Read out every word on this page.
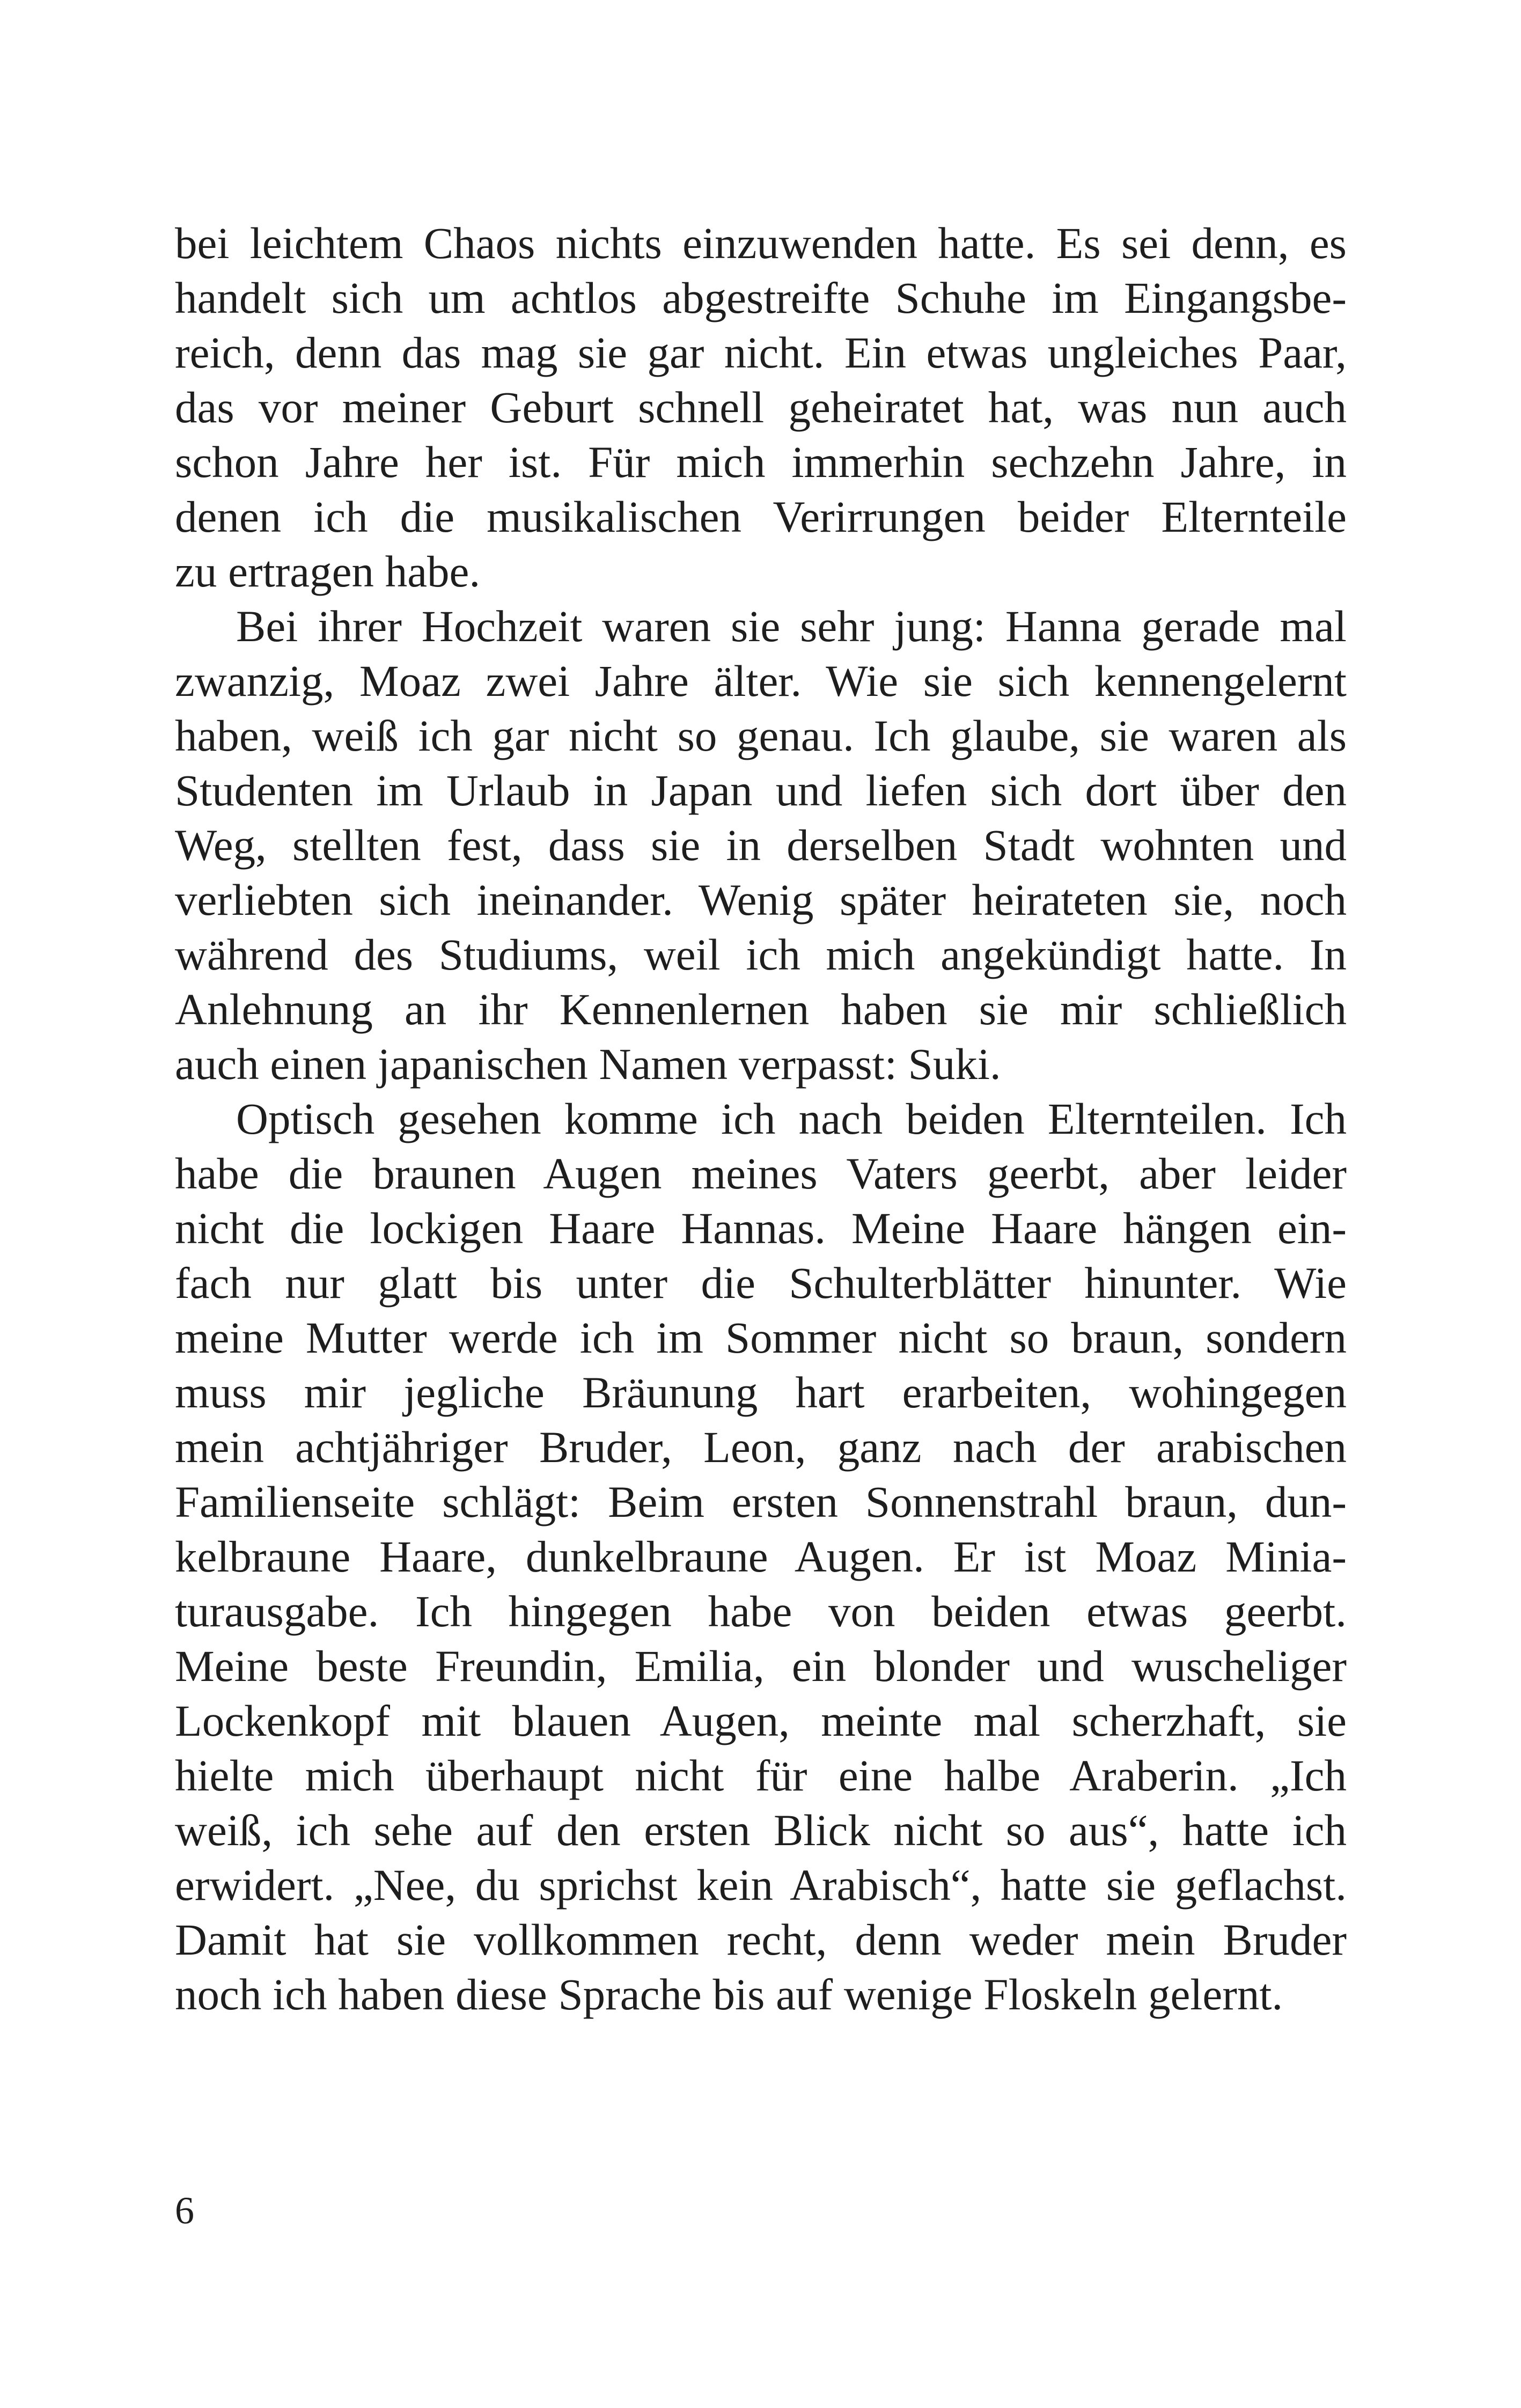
bei leichtem Chaos nichts einzuwenden hatte. Es sei denn, es
handelt sich um achtlos abgestreifte Schuhe im Eingangsbe-
reich, denn das mag sie gar nicht. Ein etwas ungleiches Paar,
das vor meiner Geburt schnell geheiratet hat, was nun auch
schon Jahre her ist. Für mich immerhin sechzehn Jahre, in
denen ich die musikalischen Verirrungen beider Elternteile
zu ertragen habe.
Bei ihrer Hochzeit waren sie sehr jung: Hanna gerade mal
zwanzig, Moaz zwei Jahre älter. Wie sie sich kennengelernt
haben, weiß ich gar nicht so genau. Ich glaube, sie waren als
Studenten im Urlaub in Japan und liefen sich dort über den
Weg, stellten fest, dass sie in derselben Stadt wohnten und
verliebten sich ineinander. Wenig später heirateten sie, noch
während des Studiums, weil ich mich angekündigt hatte. In
Anlehnung an ihr Kennenlernen haben sie mir schließlich
auch einen japanischen Namen verpasst: Suki.
Optisch gesehen komme ich nach beiden Elternteilen. Ich
habe die braunen Augen meines Vaters geerbt, aber leider
nicht die lockigen Haare Hannas. Meine Haare hängen ein-
fach nur glatt bis unter die Schulterblätter hinunter. Wie
meine Mutter werde ich im Sommer nicht so braun, sondern
muss mir jegliche Bräunung hart erarbeiten, wohingegen
mein achtjähriger Bruder, Leon, ganz nach der arabischen
Familienseite schlägt: Beim ersten Sonnenstrahl braun, dun-
kelbraune Haare, dunkelbraune Augen. Er ist Moaz Minia-
turausgabe. Ich hingegen habe von beiden etwas geerbt.
Meine beste Freundin, Emilia, ein blonder und wuscheliger
Lockenkopf mit blauen Augen, meinte mal scherzhaft, sie
hielte mich überhaupt nicht für eine halbe Araberin. „Ich
weiß, ich sehe auf den ersten Blick nicht so aus“, hatte ich
erwidert. „Nee, du sprichst kein Arabisch“, hatte sie geflachst.
Damit hat sie vollkommen recht, denn weder mein Bruder
noch ich haben diese Sprache bis auf wenige Floskeln gelernt.
6
